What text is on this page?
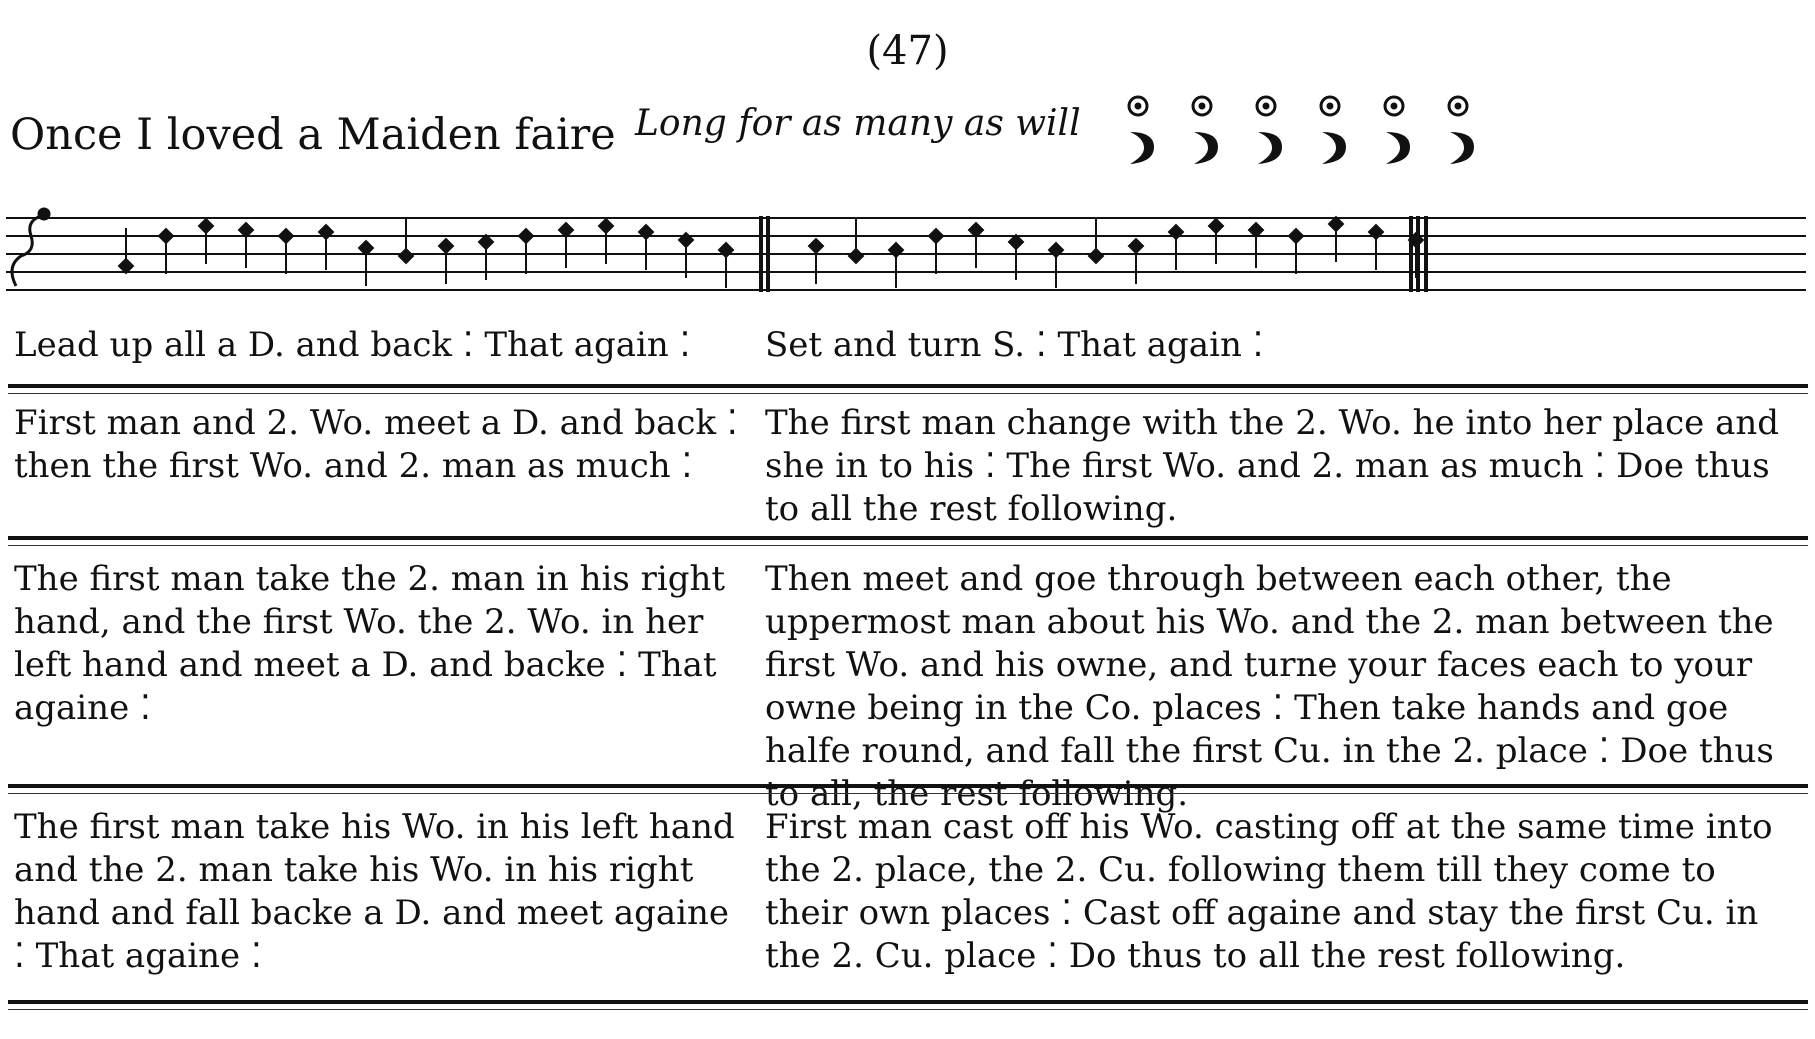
(47)
Once I loved a Maiden faire Long for as many as will
Lead up all a D. and back ⁚ That again ⁚	Set and turn S. ⁚ That again ⁚
First man and 2. Wo. meet a D. and back ⁚ then the first Wo. and 2. man as much ⁚
The first man change with the 2. Wo. he into her place and she in to his ⁚ The first Wo. and 2. man as much ⁚ Doe thus to all the rest following.
The first man take the 2. man in his right hand, and the first Wo. the 2. Wo. in her left hand and meet a D. and backe ⁚ That againe ⁚
Then meet and goe through between each other, the uppermost man about his Wo. and the 2. man between the first Wo. and his owne, and turne your faces each to your owne being in the Co. places ⁚ Then take hands and goe halfe round, and fall the first Cu. in the 2. place ⁚ Doe thus to all, the rest following.
The first man take his Wo. in his left hand and the 2. man take his Wo. in his right hand and fall backe a D. and meet againe ⁚ That againe ⁚
First man cast off his Wo. casting off at the same time into the 2. place, the 2. Cu. following them till they come to their own places ⁚ Cast off againe and stay the first Cu. in the 2. Cu. place ⁚ Do thus to all the rest following.
